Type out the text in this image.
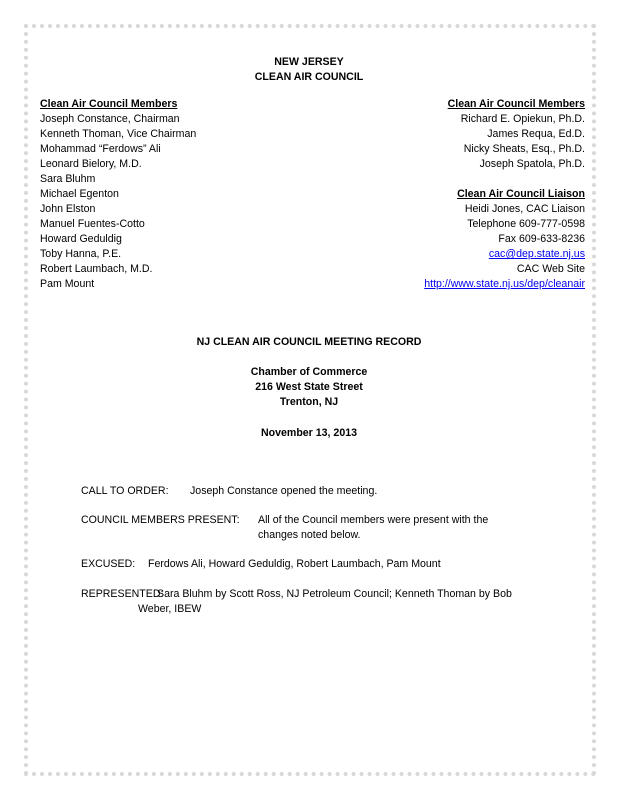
NEW JERSEY
CLEAN AIR COUNCIL
Clean Air Council Members
Joseph Constance, Chairman
Kenneth Thoman, Vice Chairman
Mohammad “Ferdows” Ali
Leonard Bielory, M.D.
Sara Bluhm
Michael Egenton
John Elston
Manuel Fuentes-Cotto
Howard Geduldig
Toby Hanna, P.E.
Robert Laumbach, M.D.
Pam Mount
Clean Air Council Members
Richard E. Opiekun, Ph.D.
James Requa, Ed.D.
Nicky Sheats, Esq., Ph.D.
Joseph Spatola, Ph.D.
Clean Air Council Liaison
Heidi Jones, CAC Liaison
Telephone 609-777-0598
Fax 609-633-8236
cac@dep.state.nj.us
CAC Web Site
http://www.state.nj.us/dep/cleanair
NJ CLEAN AIR COUNCIL MEETING RECORD
Chamber of Commerce
216 West State Street
Trenton, NJ
November 13, 2013
CALL TO ORDER: Joseph Constance opened the meeting.
COUNCIL MEMBERS PRESENT: All of the Council members were present with the
changes noted below.
EXCUSED: Ferdows Ali, Howard Geduldig, Robert Laumbach, Pam Mount
REPRESENTED:
Sara Bluhm by Scott Ross, NJ Petroleum Council; Kenneth Thoman by Bob
Weber, IBEW
